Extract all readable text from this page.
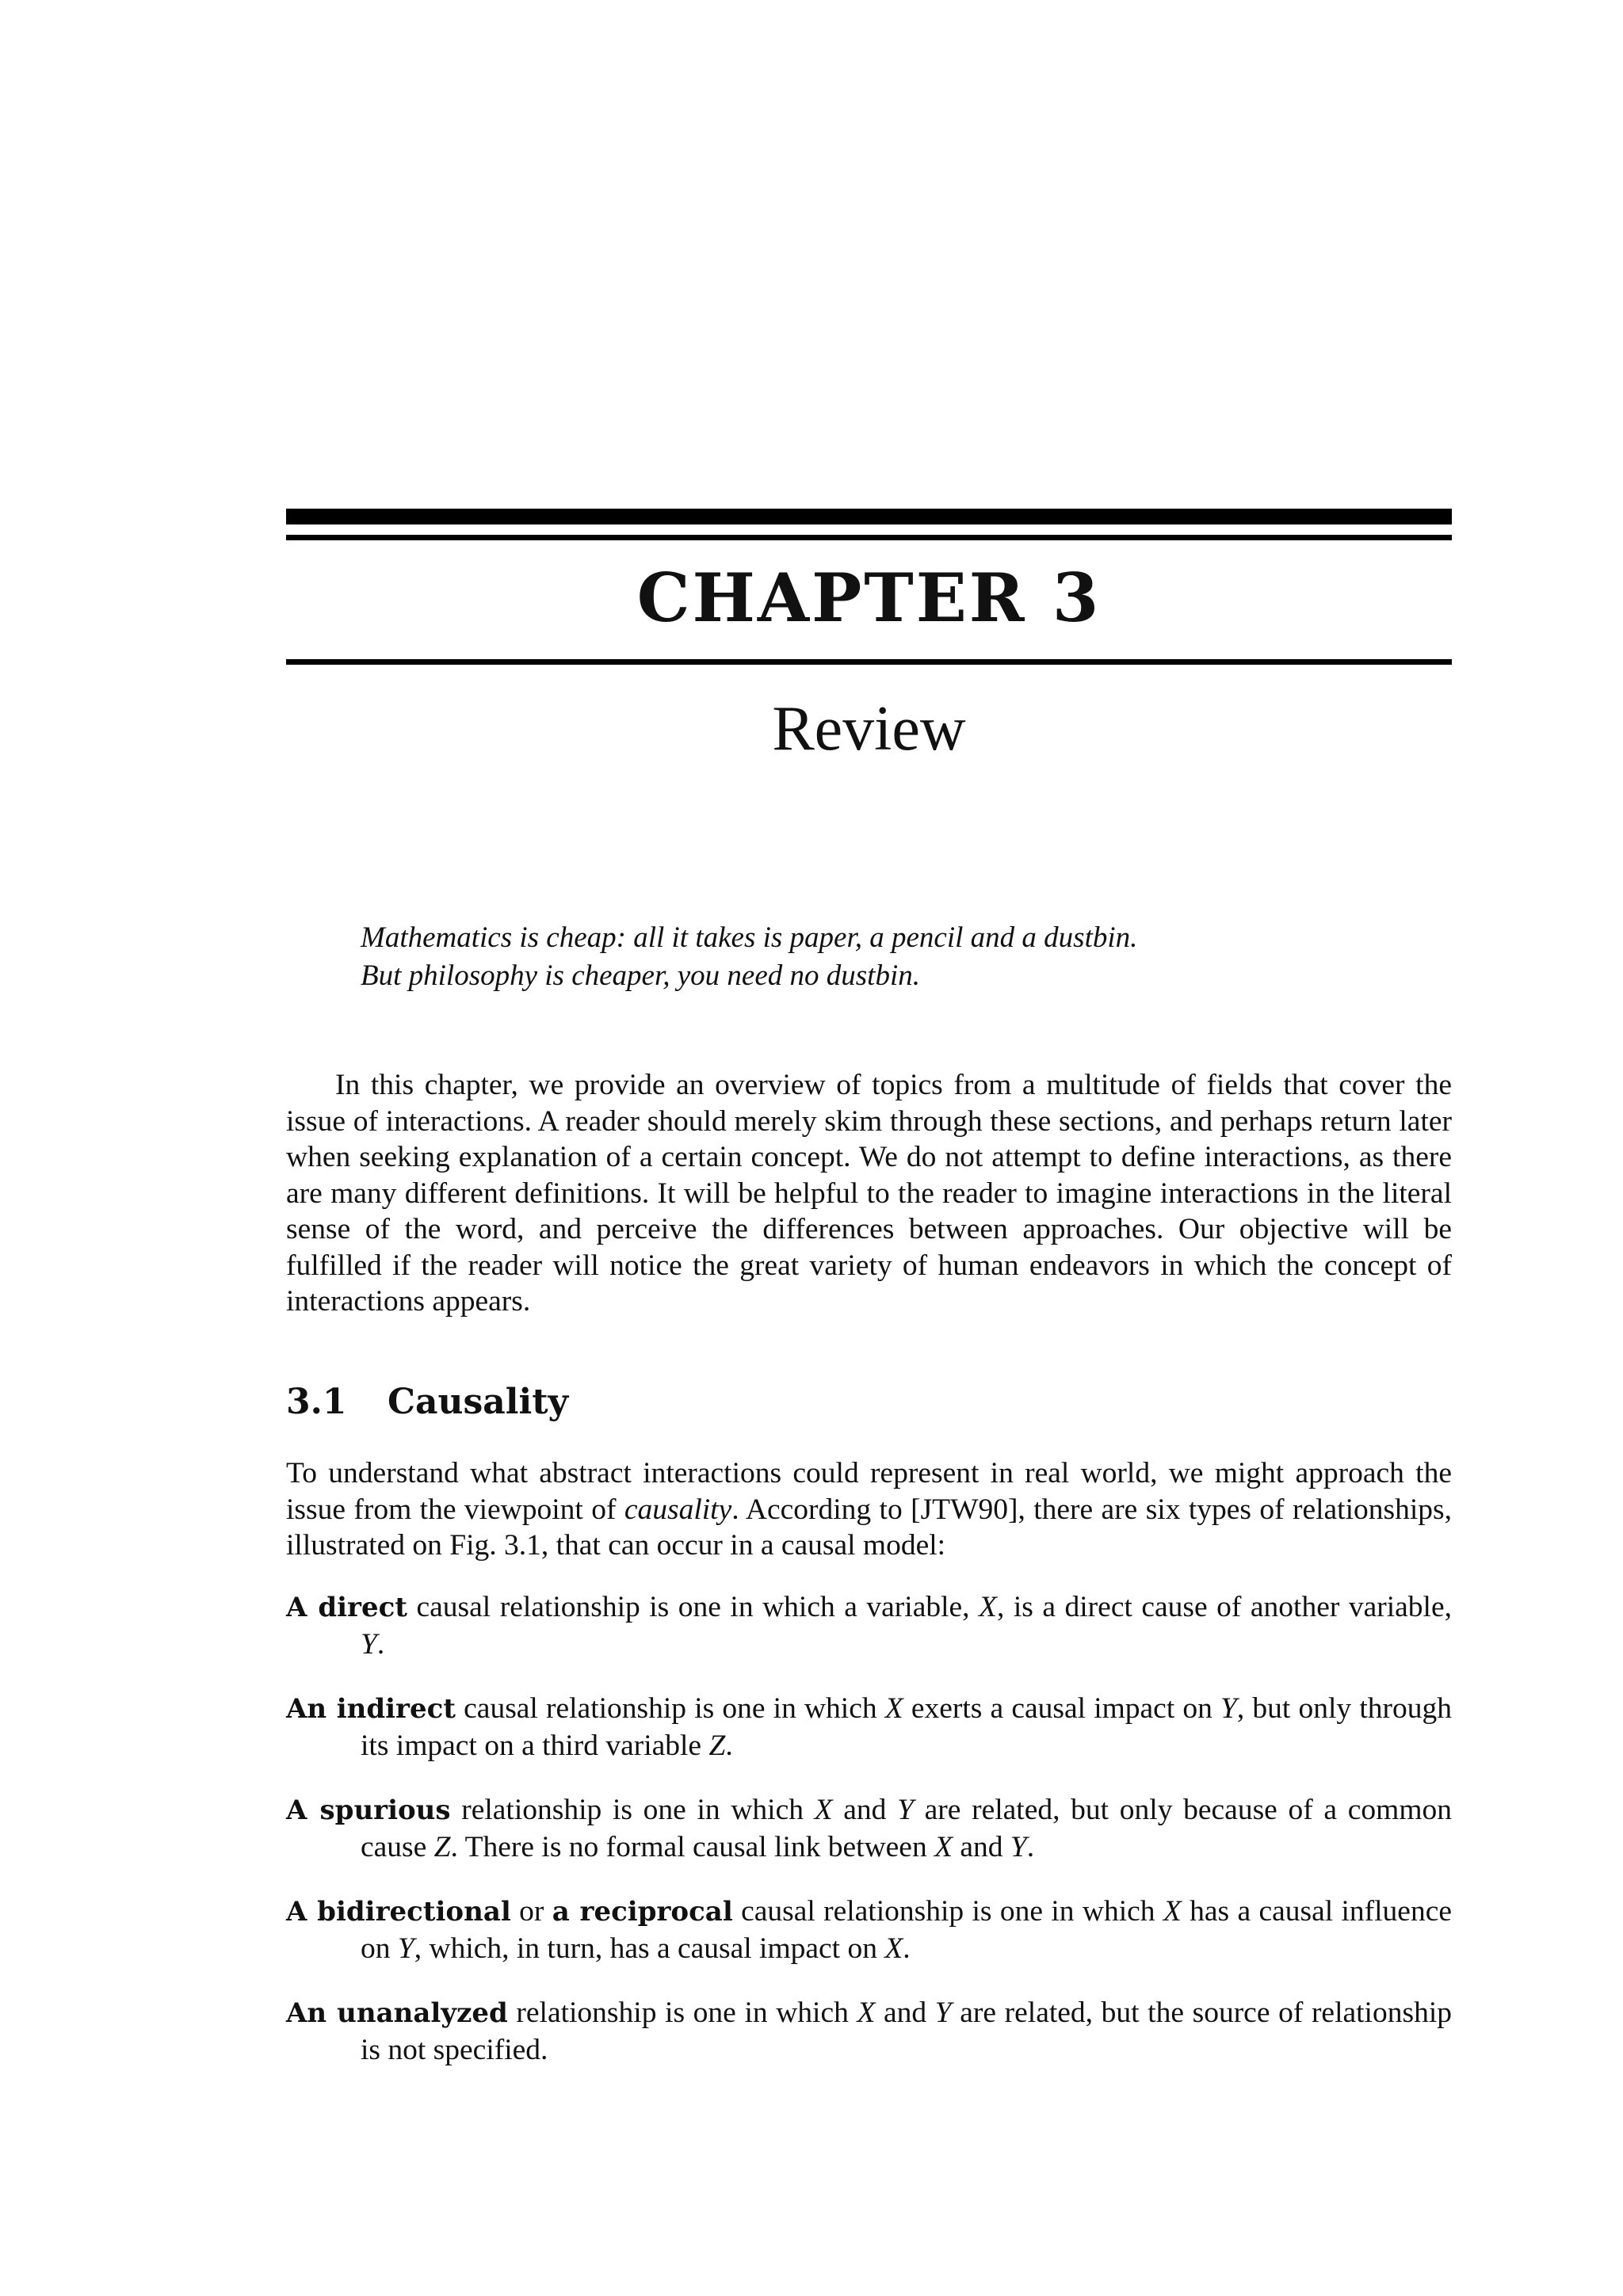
CHAPTER 3
Review
Mathematics is cheap: all it takes is paper, a pencil and a dustbin.
But philosophy is cheaper, you need no dustbin.
In this chapter, we provide an overview of topics from a multitude of fields that cover the issue of interactions. A reader should merely skim through these sections, and perhaps return later when seeking explanation of a certain concept. We do not attempt to define interactions, as there are many different definitions. It will be helpful to the reader to imagine interactions in the literal sense of the word, and perceive the differences between approaches. Our objective will be fulfilled if the reader will notice the great variety of human endeavors in which the concept of interactions appears.
3.1 Causality
To understand what abstract interactions could represent in real world, we might approach the issue from the viewpoint of causality. According to [JTW90], there are six types of relationships, illustrated on Fig. 3.1, that can occur in a causal model:
A direct causal relationship is one in which a variable, X, is a direct cause of another variable, Y.
An indirect causal relationship is one in which X exerts a causal impact on Y, but only through its impact on a third variable Z.
A spurious relationship is one in which X and Y are related, but only because of a common cause Z. There is no formal causal link between X and Y.
A bidirectional or a reciprocal causal relationship is one in which X has a causal influence on Y, which, in turn, has a causal impact on X.
An unanalyzed relationship is one in which X and Y are related, but the source of relationship is not specified.
